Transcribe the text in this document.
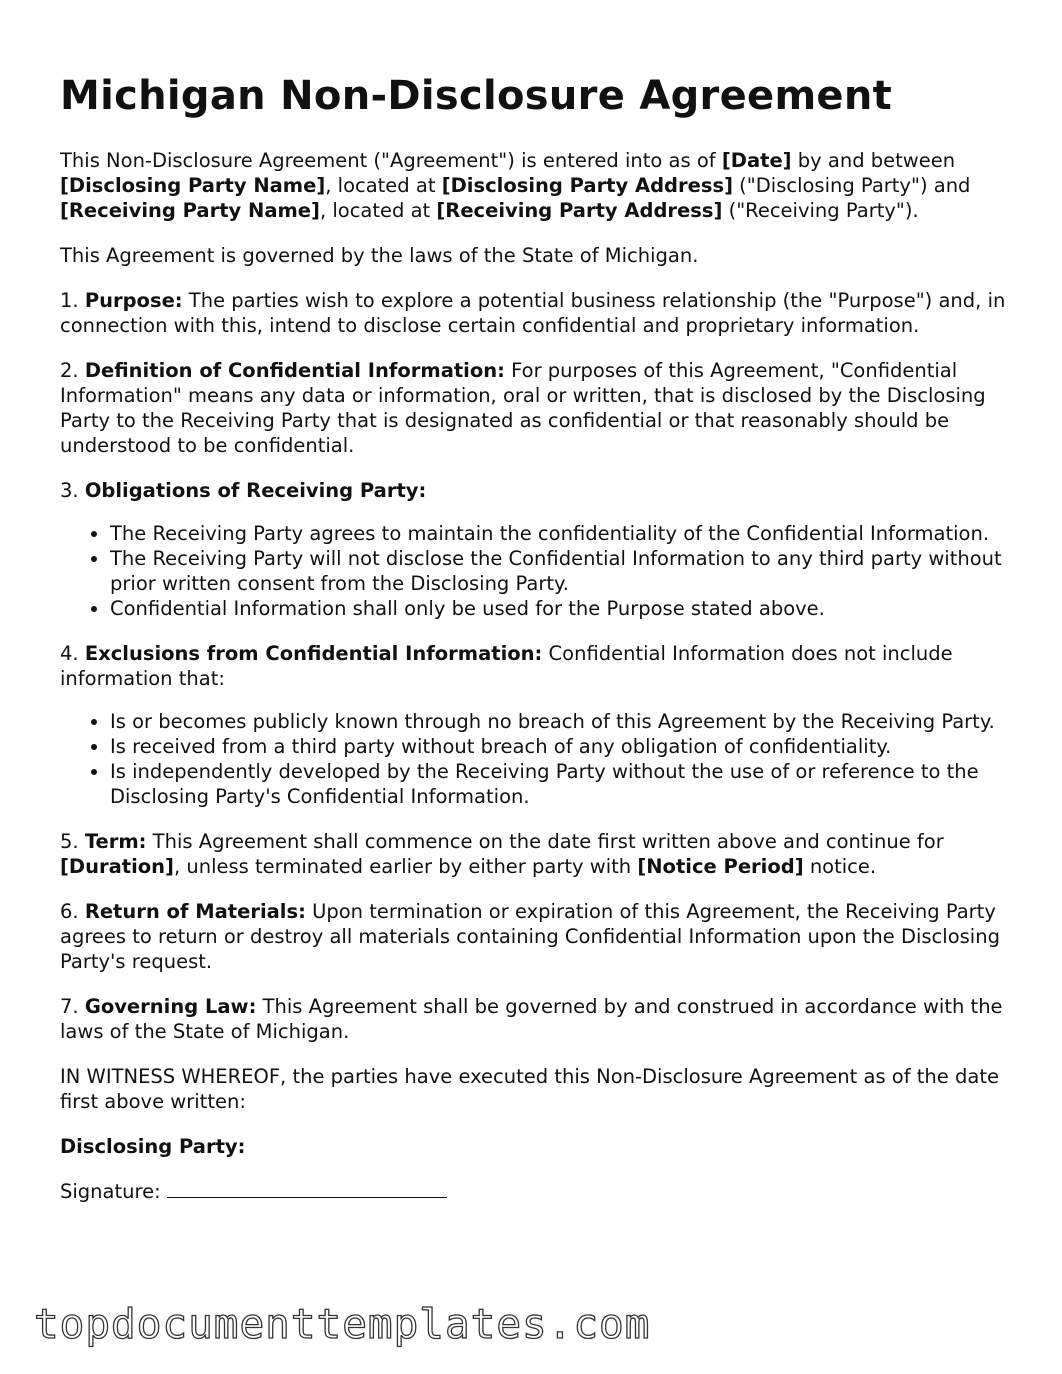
Michigan Non-Disclosure Agreement

This Non-Disclosure Agreement ("Agreement") is entered into as of [Date] by and between [Disclosing Party Name], located at [Disclosing Party Address] ("Disclosing Party") and [Receiving Party Name], located at [Receiving Party Address] ("Receiving Party").

This Agreement is governed by the laws of the State of Michigan.

1. Purpose: The parties wish to explore a potential business relationship (the "Purpose") and, in connection with this, intend to disclose certain confidential and proprietary information.

2. Definition of Confidential Information: For purposes of this Agreement, "Confidential Information" means any data or information, oral or written, that is disclosed by the Disclosing Party to the Receiving Party that is designated as confidential or that reasonably should be understood to be confidential.

3. Obligations of Receiving Party:

• The Receiving Party agrees to maintain the confidentiality of the Confidential Information.
• The Receiving Party will not disclose the Confidential Information to any third party without prior written consent from the Disclosing Party.
• Confidential Information shall only be used for the Purpose stated above.

4. Exclusions from Confidential Information: Confidential Information does not include information that:

• Is or becomes publicly known through no breach of this Agreement by the Receiving Party.
• Is received from a third party without breach of any obligation of confidentiality.
• Is independently developed by the Receiving Party without the use of or reference to the Disclosing Party's Confidential Information.

5. Term: This Agreement shall commence on the date first written above and continue for [Duration], unless terminated earlier by either party with [Notice Period] notice.

6. Return of Materials: Upon termination or expiration of this Agreement, the Receiving Party agrees to return or destroy all materials containing Confidential Information upon the Disclosing Party's request.

7. Governing Law: This Agreement shall be governed by and construed in accordance with the laws of the State of Michigan.

IN WITNESS WHEREOF, the parties have executed this Non-Disclosure Agreement as of the date first above written:

Disclosing Party:

Signature:

topdocumenttemplates.com
